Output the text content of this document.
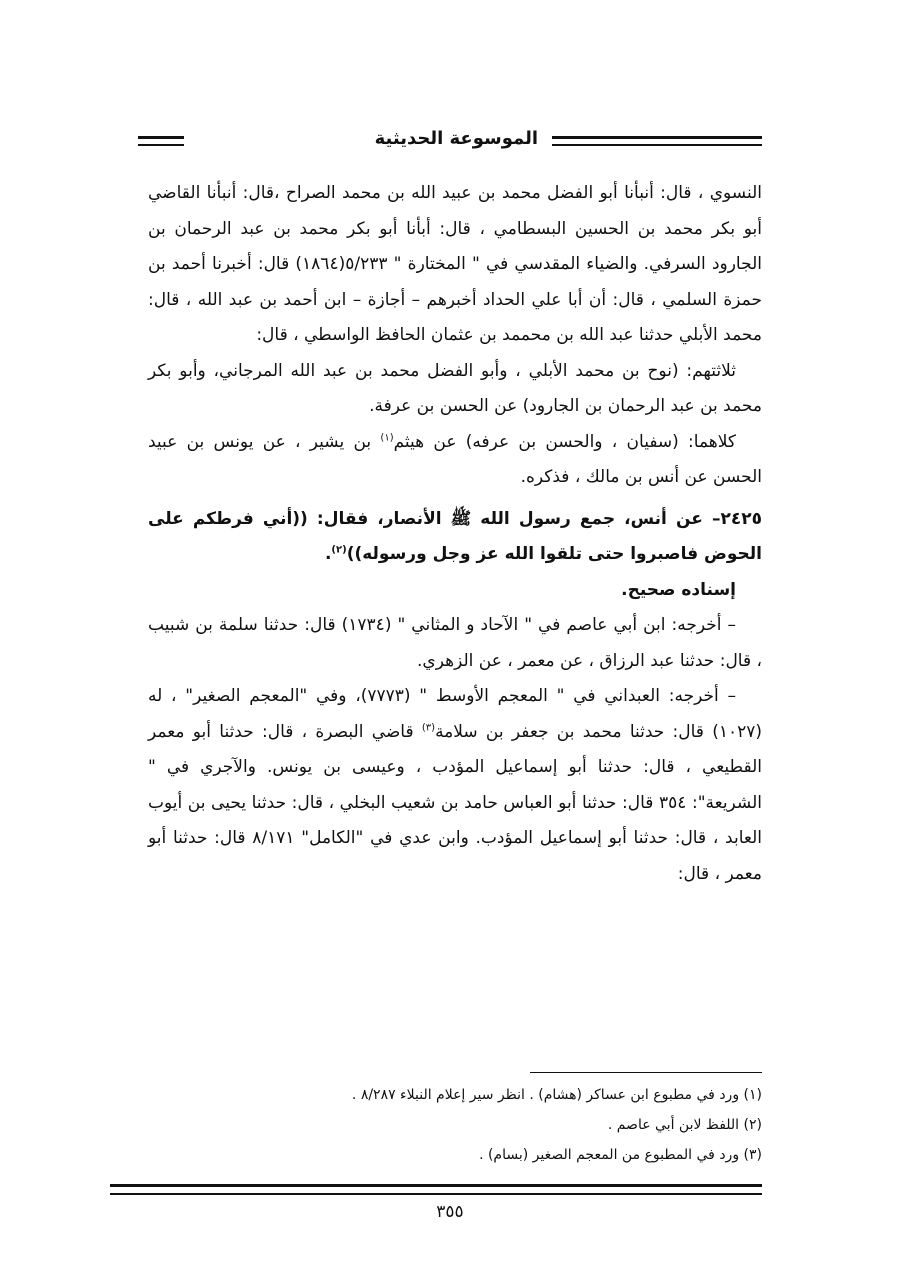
الموسوعة الحديثية

النسوي ، قال: أنبأنا أبو الفضل محمد بن عبيد الله بن محمد الصراح ،قال: أنبأنا القاضي أبو بكر محمد بن الحسين البسطامي ، قال: أبأنا أبو بكر محمد بن عبد الرحمان بن الجارود السرفي. والضياء المقدسي في " المختارة " ٥/٢٣٣(١٨٦٤) قال: أخبرنا أحمد بن حمزة السلمي ، قال: أن أبا علي الحداد أخبرهم – أجازة – ابن أحمد بن عبد الله ، قال: محمد الأبلي حدثنا عبد الله بن محممد بن عثمان الحافظ الواسطي ، قال:

ثلاثتهم: (نوح بن محمد الأبلي ، وأبو الفضل محمد بن عبد الله المرجاني، وأبو بكر محمد بن عبد الرحمان بن الجارود) عن الحسن بن عرفة.

كلاهما: (سفيان ، والحسن بن عرفه) عن هيثم$^{(١)}$ بن يشير ، عن يونس بن عبيد الحسن عن أنس بن مالك ، فذكره.

٢٤٢٥– عن أنس، جمع رسول الله ﷺ الأنصار، فقال: ((أني فرطكم على الحوض فاصبروا حتى تلقوا الله عز وجل ورسوله))$^{(٢)}$.

إسناده صحيح.

– أخرجه: ابن أبي عاصم في " الآحاد و المثاني " (١٧٣٤) قال: حدثنا سلمة بن شبيب ، قال: حدثنا عبد الرزاق ، عن معمر ، عن الزهري.

– أخرجه: العبداني في " المعجم الأوسط " (٧٧٧٣)، وفي "المعجم الصغير" ، له (١٠٢٧) قال: حدثنا محمد بن جعفر بن سلامة$^{(٣)}$ قاضي البصرة ، قال: حدثنا أبو معمر القطيعي ، قال: حدثنا أبو إسماعيل المؤدب ، وعيسى بن يونس. والآجري في " الشريعة": ٣٥٤ قال: حدثنا أبو العباس حامد بن شعيب البخلي ، قال: حدثنا يحيى بن أيوب العابد ، قال: حدثنا أبو إسماعيل المؤدب. وابن عدي في "الكامل" ٨/١٧١ قال: حدثنا أبو معمر ، قال:

(١) ورد في مطبوع ابن عساكر (هشام) . انظر سير إعلام النبلاء ٨/٢٨٧ .
(٢) اللفظ لابن أبي عاصم .
(٣) ورد في المطبوع من المعجم الصغير (بسام) .
٣٥٥
